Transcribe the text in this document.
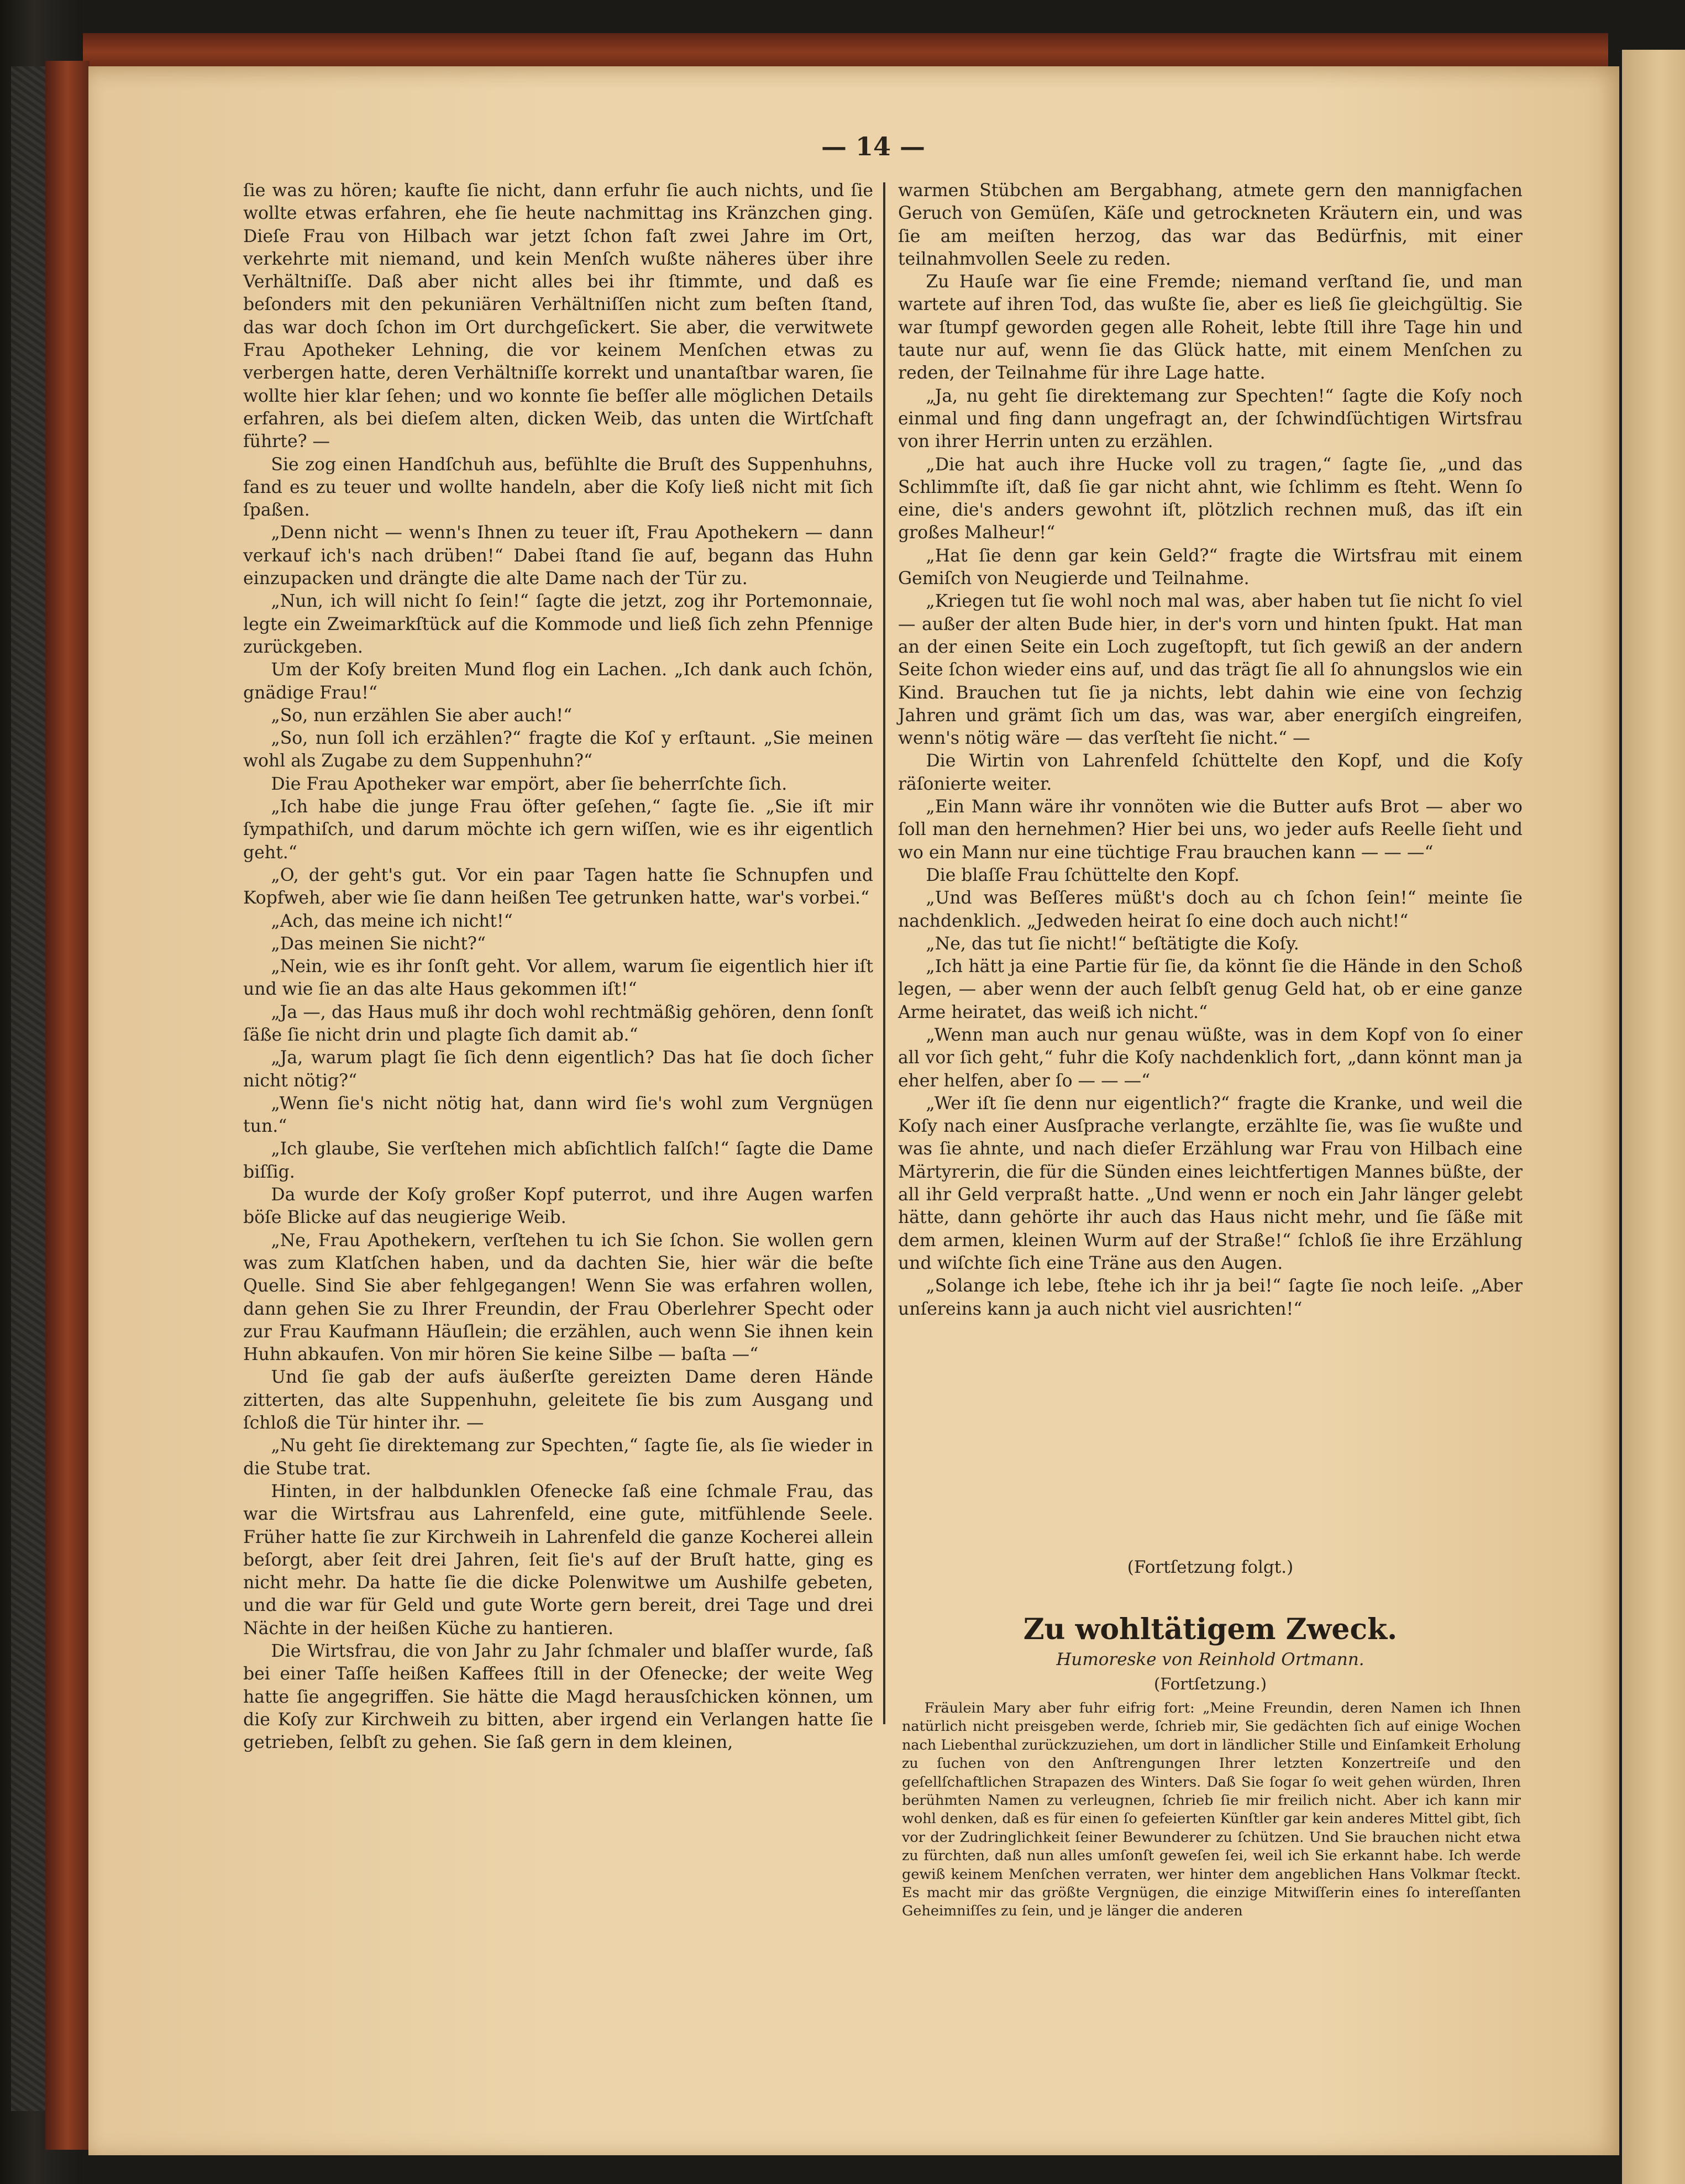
— 14 —

ſie was zu hören; kaufte ſie nicht, dann erfuhr ſie auch nichts, und ſie wollte etwas erfahren, ehe ſie heute nachmittag ins Kränzchen ging. Dieſe Frau von Hilbach war jetzt ſchon faſt zwei Jahre im Ort, verkehrte mit niemand, und kein Menſch wußte näheres über ihre Verhältniſſe. Daß aber nicht alles bei ihr ſtimmte, und daß es beſonders mit den pekuniären Verhältniſſen nicht zum beſten ſtand, das war doch ſchon im Ort durchgeſickert. Sie aber, die verwitwete Frau Apotheker Lehning, die vor keinem Menſchen etwas zu verbergen hatte, deren Verhältniſſe korrekt und unantaſtbar waren, ſie wollte hier klar ſehen; und wo konnte ſie beſſer alle möglichen Details erfahren, als bei dieſem alten, dicken Weib, das unten die Wirtſchaft führte? —

Sie zog einen Handſchuh aus, befühlte die Bruſt des Suppenhuhns, fand es zu teuer und wollte handeln, aber die Koſy ließ nicht mit ſich ſpaßen.

„Denn nicht — wenn's Ihnen zu teuer iſt, Frau Apothekern — dann verkauf ich's nach drüben!“ Dabei ſtand ſie auf, begann das Huhn einzupacken und drängte die alte Dame nach der Tür zu.

„Nun, ich will nicht ſo ſein!“ ſagte die jetzt, zog ihr Portemonnaie, legte ein Zweimarkſtück auf die Kommode und ließ ſich zehn Pfennige zurückgeben.

Um der Koſy breiten Mund flog ein Lachen. „Ich dank auch ſchön, gnädige Frau!“

„So, nun erzählen Sie aber auch!“

„So, nun ſoll ich erzählen?“ fragte die Koſ y erſtaunt. „Sie meinen wohl als Zugabe zu dem Suppenhuhn?“

Die Frau Apotheker war empört, aber ſie beherrſchte ſich.

„Ich habe die junge Frau öfter geſehen,“ ſagte ſie. „Sie iſt mir ſympathiſch, und darum möchte ich gern wiſſen, wie es ihr eigentlich geht.“

„O, der geht's gut. Vor ein paar Tagen hatte ſie Schnupfen und Kopfweh, aber wie ſie dann heißen Tee getrunken hatte, war's vorbei.“

„Ach, das meine ich nicht!“

„Das meinen Sie nicht?“

„Nein, wie es ihr ſonſt geht. Vor allem, warum ſie eigentlich hier iſt und wie ſie an das alte Haus gekommen iſt!“

„Ja —, das Haus muß ihr doch wohl rechtmäßig gehören, denn ſonſt ſäße ſie nicht drin und plagte ſich damit ab.“

„Ja, warum plagt ſie ſich denn eigentlich? Das hat ſie doch ſicher nicht nötig?“

„Wenn ſie's nicht nötig hat, dann wird ſie's wohl zum Vergnügen tun.“

„Ich glaube, Sie verſtehen mich abſichtlich falſch!“ ſagte die Dame biſſig.

Da wurde der Koſy großer Kopf puterrot, und ihre Augen warfen böſe Blicke auf das neugierige Weib.

„Ne, Frau Apothekern, verſtehen tu ich Sie ſchon. Sie wollen gern was zum Klatſchen haben, und da dachten Sie, hier wär die beſte Quelle. Sind Sie aber fehlgegangen! Wenn Sie was erfahren wollen, dann gehen Sie zu Ihrer Freundin, der Frau Oberlehrer Specht oder zur Frau Kaufmann Häuſlein; die erzählen, auch wenn Sie ihnen kein Huhn abkaufen. Von mir hören Sie keine Silbe — baſta —“

Und ſie gab der aufs äußerſte gereizten Dame deren Hände zitterten, das alte Suppenhuhn, geleitete ſie bis zum Ausgang und ſchloß die Tür hinter ihr. —

„Nu geht ſie direktemang zur Spechten,“ ſagte ſie, als ſie wieder in die Stube trat.

Hinten, in der halbdunklen Ofenecke ſaß eine ſchmale Frau, das war die Wirtsfrau aus Lahrenfeld, eine gute, mitfühlende Seele. Früher hatte ſie zur Kirchweih in Lahrenfeld die ganze Kocherei allein beſorgt, aber ſeit drei Jahren, ſeit ſie's auf der Bruſt hatte, ging es nicht mehr. Da hatte ſie die dicke Polenwitwe um Aushilfe gebeten, und die war für Geld und gute Worte gern bereit, drei Tage und drei Nächte in der heißen Küche zu hantieren.

Die Wirtsfrau, die von Jahr zu Jahr ſchmaler und blaſſer wurde, ſaß bei einer Taſſe heißen Kaffees ſtill in der Ofenecke; der weite Weg hatte ſie angegriffen. Sie hätte die Magd herausſchicken können, um die Koſy zur Kirchweih zu bitten, aber irgend ein Verlangen hatte ſie getrieben, ſelbſt zu gehen. Sie ſaß gern in dem kleinen,

warmen Stübchen am Bergabhang, atmete gern den mannigfachen Geruch von Gemüſen, Käſe und getrockneten Kräutern ein, und was ſie am meiſten herzog, das war das Bedürfnis, mit einer teilnahmvollen Seele zu reden.

Zu Hauſe war ſie eine Fremde; niemand verſtand ſie, und man wartete auf ihren Tod, das wußte ſie, aber es ließ ſie gleichgültig. Sie war ſtumpf geworden gegen alle Roheit, lebte ſtill ihre Tage hin und taute nur auf, wenn ſie das Glück hatte, mit einem Menſchen zu reden, der Teilnahme für ihre Lage hatte.

„Ja, nu geht ſie direktemang zur Spechten!“ ſagte die Koſy noch einmal und fing dann ungefragt an, der ſchwindſüchtigen Wirtsfrau von ihrer Herrin unten zu erzählen.

„Die hat auch ihre Hucke voll zu tragen,“ ſagte ſie, „und das Schlimmſte iſt, daß ſie gar nicht ahnt, wie ſchlimm es ſteht. Wenn ſo eine, die's anders gewohnt iſt, plötzlich rechnen muß, das iſt ein großes Malheur!“

„Hat ſie denn gar kein Geld?“ fragte die Wirtsfrau mit einem Gemiſch von Neugierde und Teilnahme.

„Kriegen tut ſie wohl noch mal was, aber haben tut ſie nicht ſo viel — außer der alten Bude hier, in der's vorn und hinten ſpukt. Hat man an der einen Seite ein Loch zugeſtopft, tut ſich gewiß an der andern Seite ſchon wieder eins auf, und das trägt ſie all ſo ahnungslos wie ein Kind. Brauchen tut ſie ja nichts, lebt dahin wie eine von ſechzig Jahren und grämt ſich um das, was war, aber energiſch eingreifen, wenn's nötig wäre — das verſteht ſie nicht.“ —

Die Wirtin von Lahrenfeld ſchüttelte den Kopf, und die Koſy räſonierte weiter.

„Ein Mann wäre ihr vonnöten wie die Butter aufs Brot — aber wo ſoll man den hernehmen? Hier bei uns, wo jeder aufs Reelle ſieht und wo ein Mann nur eine tüchtige Frau brauchen kann — — —“

Die blaſſe Frau ſchüttelte den Kopf.

„Und was Beſſeres müßt's doch au ch ſchon ſein!“ meinte ſie nachdenklich. „Jedweden heirat ſo eine doch auch nicht!“

„Ne, das tut ſie nicht!“ beſtätigte die Koſy.

„Ich hätt ja eine Partie für ſie, da könnt ſie die Hände in den Schoß legen, — aber wenn der auch ſelbſt genug Geld hat, ob er eine ganze Arme heiratet, das weiß ich nicht.“

„Wenn man auch nur genau wüßte, was in dem Kopf von ſo einer all vor ſich geht,“ fuhr die Koſy nachdenklich fort, „dann könnt man ja eher helfen, aber ſo — — —“

„Wer iſt ſie denn nur eigentlich?“ fragte die Kranke, und weil die Koſy nach einer Ausſprache verlangte, erzählte ſie, was ſie wußte und was ſie ahnte, und nach dieſer Erzählung war Frau von Hilbach eine Märtyrerin, die für die Sünden eines leichtfertigen Mannes büßte, der all ihr Geld verpraßt hatte. „Und wenn er noch ein Jahr länger gelebt hätte, dann gehörte ihr auch das Haus nicht mehr, und ſie ſäße mit dem armen, kleinen Wurm auf der Straße!“ ſchloß ſie ihre Erzählung und wiſchte ſich eine Träne aus den Augen.

„Solange ich lebe, ſtehe ich ihr ja bei!“ ſagte ſie noch leiſe. „Aber unſereins kann ja auch nicht viel ausrichten!“

(Fortſetzung folgt.)
Zu wohltätigem Zweck.
Humoreske von Reinhold Ortmann.
(Fortſetzung.)

Fräulein Mary aber fuhr eifrig fort: „Meine Freundin, deren Namen ich Ihnen natürlich nicht preisgeben werde, ſchrieb mir, Sie gedächten ſich auf einige Wochen nach Liebenthal zurückzuziehen, um dort in ländlicher Stille und Einſamkeit Erholung zu ſuchen von den Anſtrengungen Ihrer letzten Konzertreiſe und den geſellſchaftlichen Strapazen des Winters. Daß Sie ſogar ſo weit gehen würden, Ihren berühmten Namen zu verleugnen, ſchrieb ſie mir freilich nicht. Aber ich kann mir wohl denken, daß es für einen ſo gefeierten Künſtler gar kein anderes Mittel gibt, ſich vor der Zudringlichkeit ſeiner Bewunderer zu ſchützen. Und Sie brauchen nicht etwa zu fürchten, daß nun alles umſonſt geweſen ſei, weil ich Sie erkannt habe. Ich werde gewiß keinem Menſchen verraten, wer hinter dem angeblichen Hans Volkmar ſteckt. Es macht mir das größte Vergnügen, die einzige Mitwiſſerin eines ſo intereſſanten Geheimniſſes zu ſein, und je länger die anderen
